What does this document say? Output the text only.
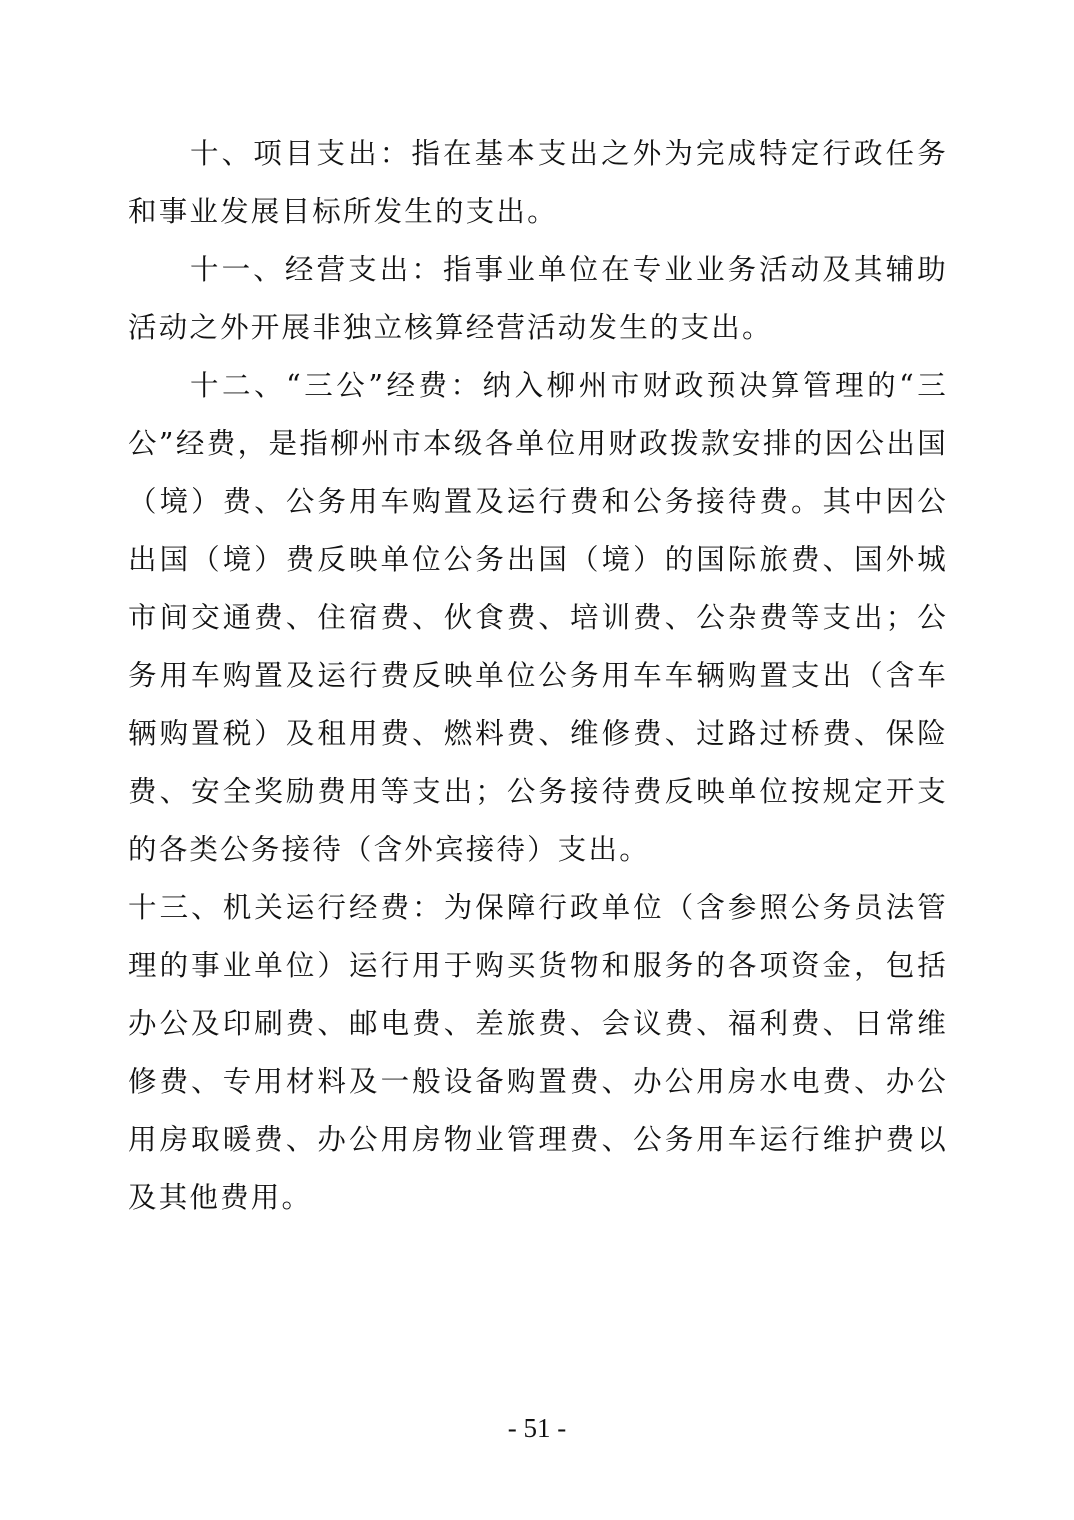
十、项目支出：指在基本支出之外为完成特定行政任务和事业发展目标所发生的支出。

十一、经营支出：指事业单位在专业业务活动及其辅助活动之外开展非独立核算经营活动发生的支出。

十二、“三公”经费：纳入柳州市财政预决算管理的“三公”经费，是指柳州市本级各单位用财政拨款安排的因公出国（境）费、公务用车购置及运行费和公务接待费。其中因公出国（境）费反映单位公务出国（境）的国际旅费、国外城市间交通费、住宿费、伙食费、培训费、公杂费等支出；公务用车购置及运行费反映单位公务用车车辆购置支出（含车辆购置税）及租用费、燃料费、维修费、过路过桥费、保险费、安全奖励费用等支出；公务接待费反映单位按规定开支的各类公务接待（含外宾接待）支出。

十三、机关运行经费：为保障行政单位（含参照公务员法管理的事业单位）运行用于购买货物和服务的各项资金，包括办公及印刷费、邮电费、差旅费、会议费、福利费、日常维修费、专用材料及一般设备购置费、办公用房水电费、办公用房取暖费、办公用房物业管理费、公务用车运行维护费以及其他费用。

- 51 -
